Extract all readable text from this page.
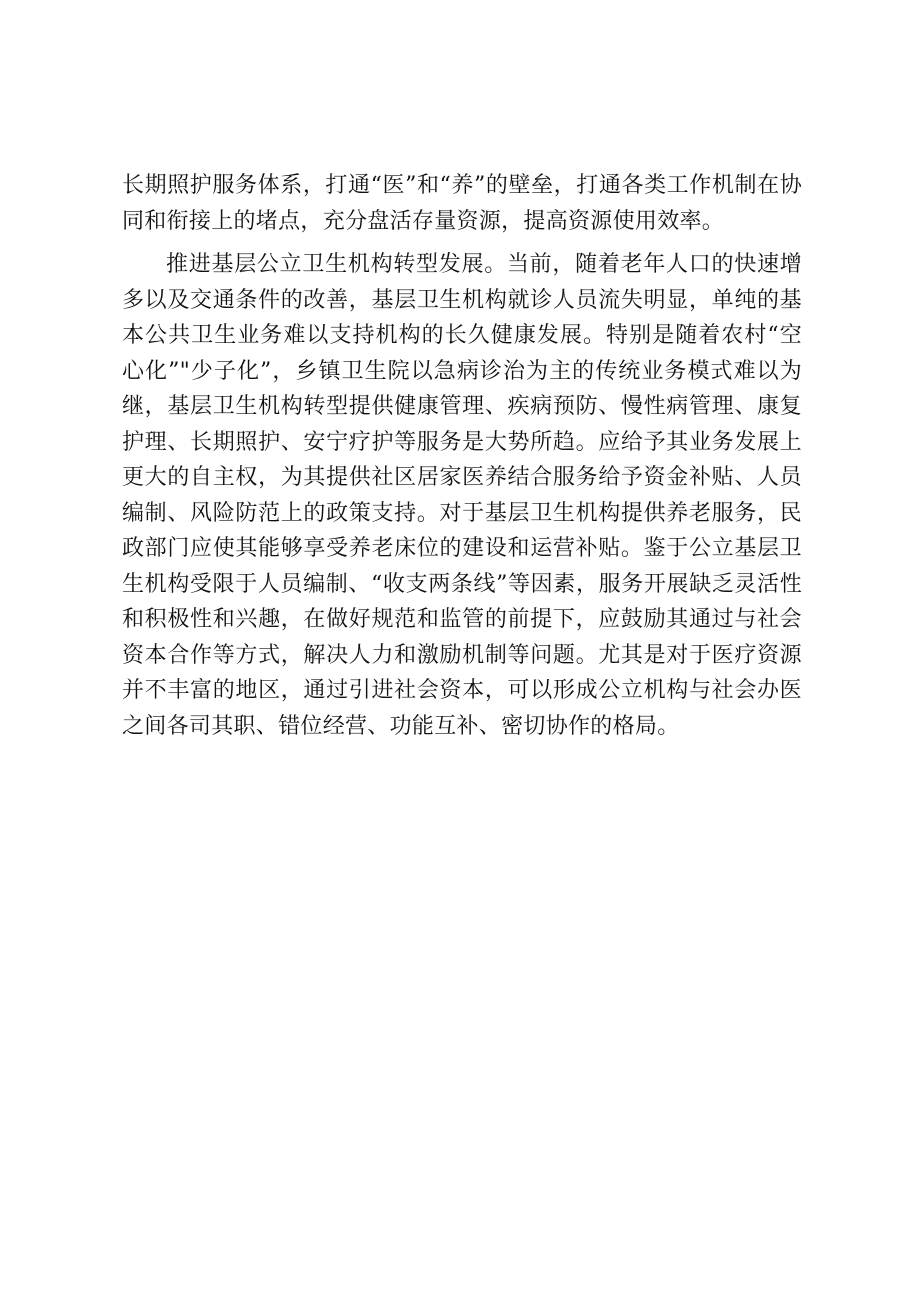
长期照护服务体系，打通“医”和“养”的壁垒，打通各类工作机制在协同和衔接上的堵点，充分盘活存量资源，提高资源使用效率。

推进基层公立卫生机构转型发展。当前，随着老年人口的快速增多以及交通条件的改善，基层卫生机构就诊人员流失明显，单纯的基本公共卫生业务难以支持机构的长久健康发展。特别是随着农村“空心化”"少子化”，乡镇卫生院以急病诊治为主的传统业务模式难以为继，基层卫生机构转型提供健康管理、疾病预防、慢性病管理、康复护理、长期照护、安宁疗护等服务是大势所趋。应给予其业务发展上更大的自主权，为其提供社区居家医养结合服务给予资金补贴、人员编制、风险防范上的政策支持。对于基层卫生机构提供养老服务，民政部门应使其能够享受养老床位的建设和运营补贴。鉴于公立基层卫生机构受限于人员编制、“收支两条线”等因素，服务开展缺乏灵活性和积极性和兴趣，在做好规范和监管的前提下，应鼓励其通过与社会资本合作等方式，解决人力和激励机制等问题。尤其是对于医疗资源并不丰富的地区，通过引进社会资本，可以形成公立机构与社会办医之间各司其职、错位经营、功能互补、密切协作的格局。
